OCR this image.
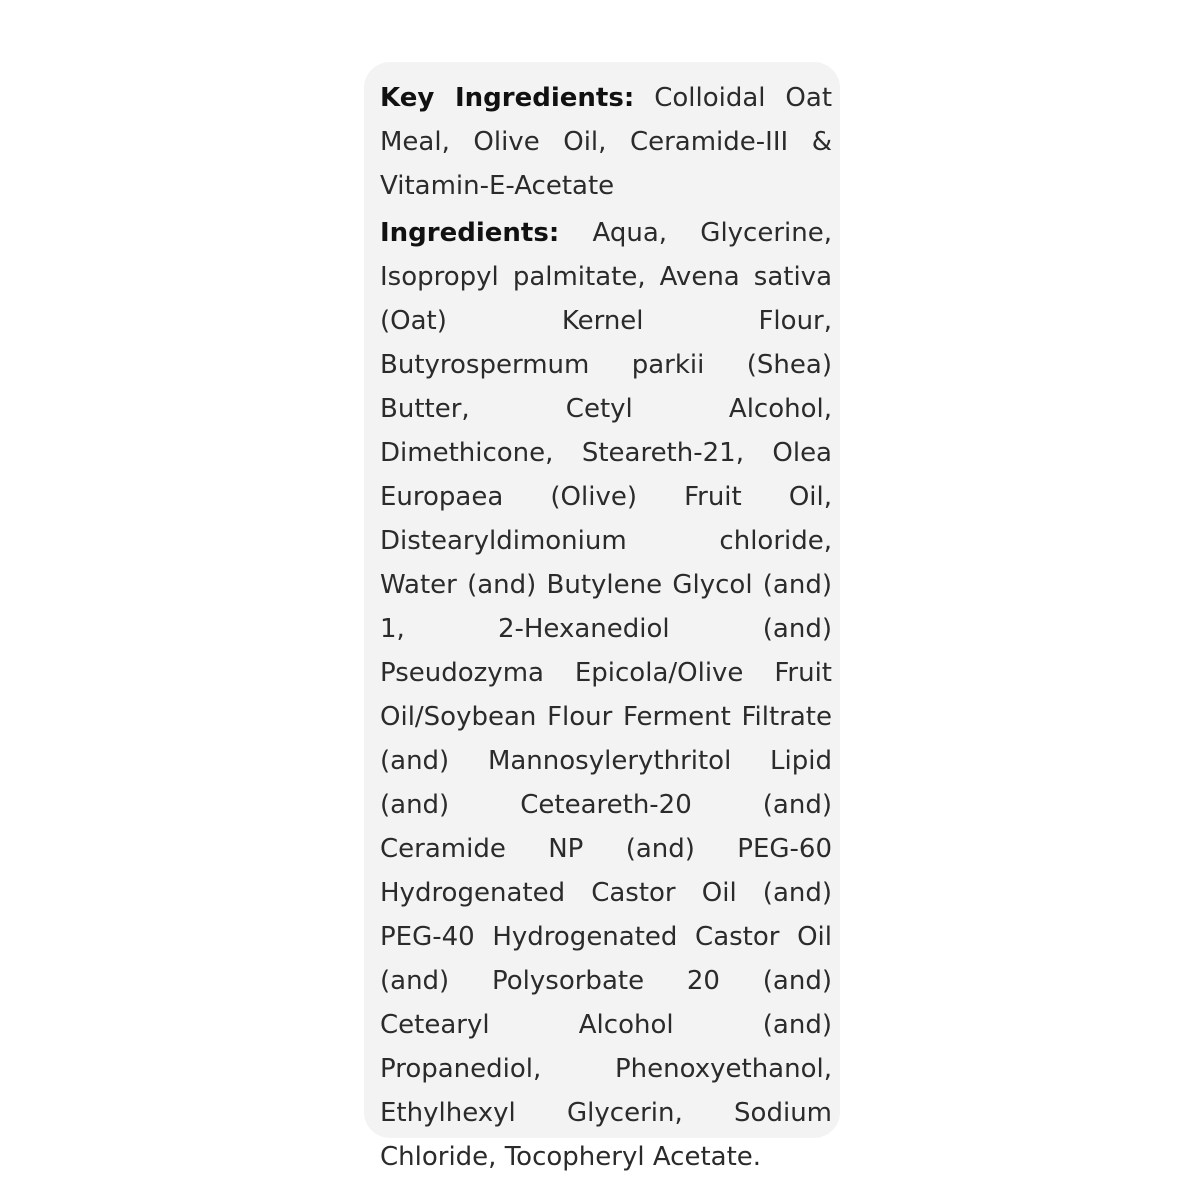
Key Ingredients: Colloidal Oat Meal, Olive Oil, Ceramide-III & Vitamin-E-Acetate

Ingredients: Aqua, Glycerine, Isopropyl palmitate, Avena sativa (Oat) Kernel Flour, Butyrospermum parkii (Shea) Butter, Cetyl Alcohol, Dimethicone, Steareth-21, Olea Europaea (Olive) Fruit Oil, Distearyldimonium chloride, Water (and) Butylene Glycol (and) 1, 2-Hexanediol (and) Pseudozyma Epicola/Olive Fruit Oil/Soybean Flour Ferment Filtrate (and) Mannosylerythritol Lipid (and) Ceteareth-20 (and) Ceramide NP (and) PEG-60 Hydrogenated Castor Oil (and) PEG-40 Hydrogenated Castor Oil (and) Polysorbate 20 (and) Cetearyl Alcohol (and) Propanediol, Phenoxyethanol, Ethylhexyl Glycerin, Sodium Chloride, Tocopheryl Acetate.
